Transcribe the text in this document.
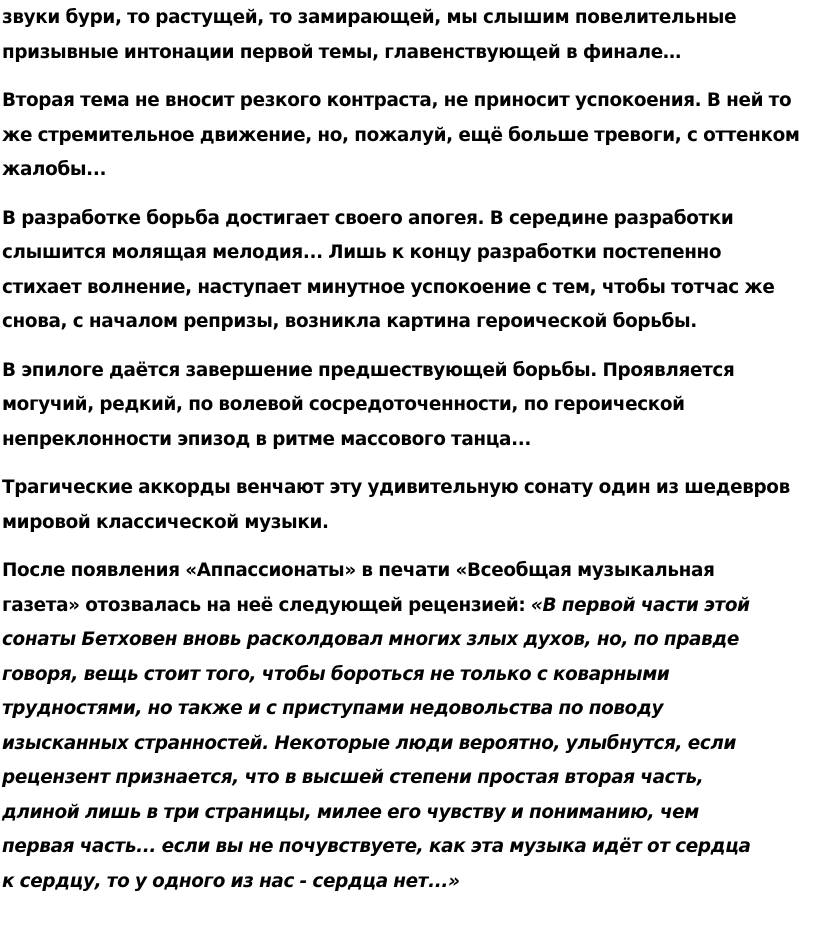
звуки бури, то растущей, то замирающей, мы слышим повелительные
призывные интонации первой темы, главенствующей в финале…

Вторая тема не вносит резкого контраста, не приносит успокоения. В ней то
же стремительное движение, но, пожалуй, ещё больше тревоги, с оттенком
жалобы...

В разработке борьба достигает своего апогея. В середине разработки
слышится молящая мелодия... Лишь к концу разработки постепенно
стихает волнение, наступает минутное успокоение с тем, чтобы тотчас же
снова, с началом репризы, возникла картина героической борьбы.

В эпилоге даётся завершение предшествующей борьбы. Проявляется
могучий, редкий, по волевой сосредоточенности, по героической
непреклонности эпизод в ритме массового танца...

Трагические аккорды венчают эту удивительную сонату один из шедевров
мировой классической музыки.

После появления «Аппассионаты» в печати «Всеобщая музыкальная
газета» отозвалась на неё следующей рецензией: «В первой части этой
сонаты Бетховен вновь расколдовал многих злых духов, но, по правде
говоря, вещь стоит того, чтобы бороться не только с коварными
трудностями, но также и с приступами недовольства по поводу
изысканных странностей. Некоторые люди вероятно, улыбнутся, если
рецензент признается, что в высшей степени простая вторая часть,
длиной лишь в три страницы, милее его чувству и пониманию, чем
первая часть... если вы не почувствуете, как эта музыка идёт от сердца
к сердцу, то у одного из нас - сердца нет...»
